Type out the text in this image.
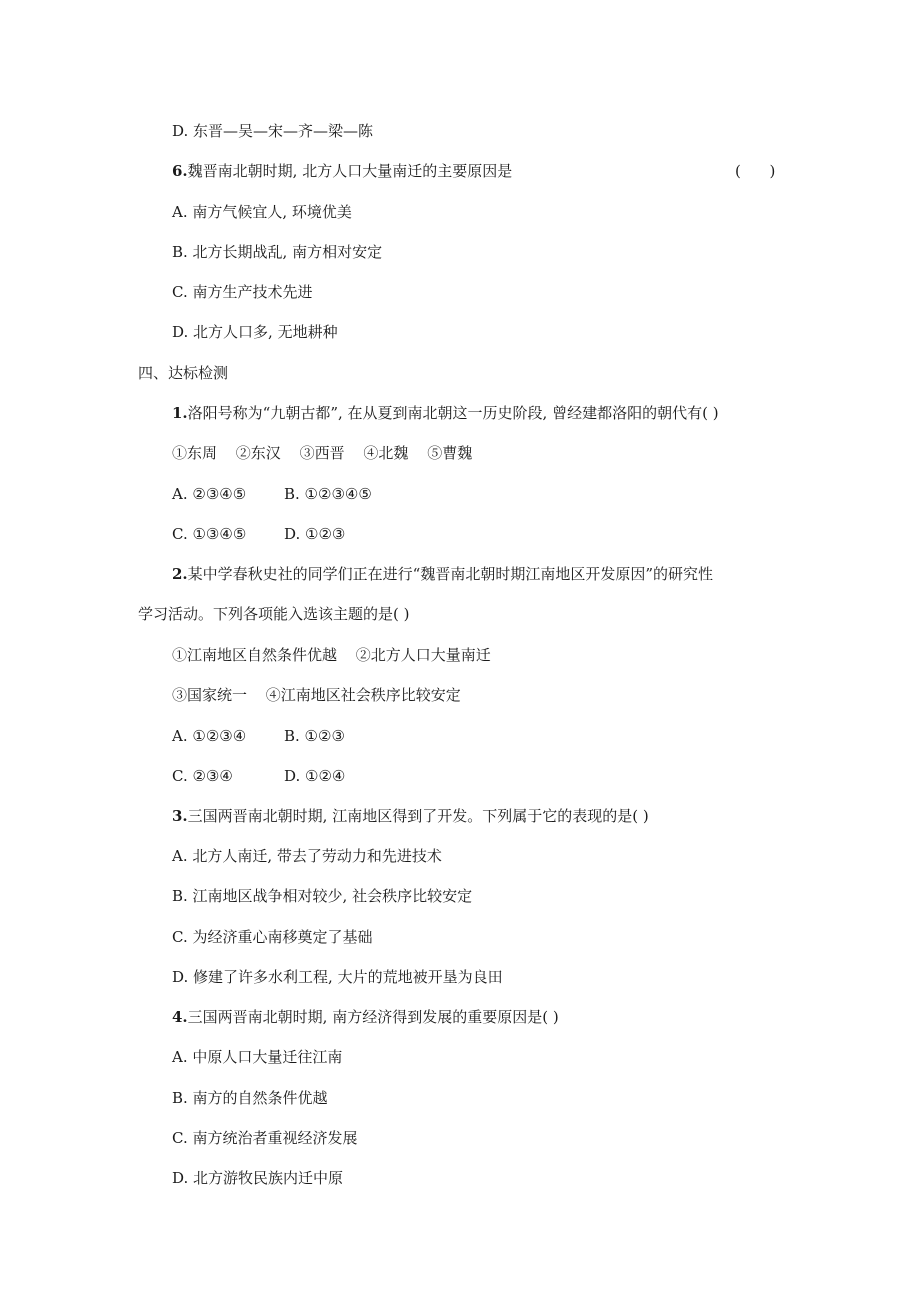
D. 东晋—吴—宋—齐—梁—陈
6.魏晋南北朝时期, 北方人口大量南迁的主要原因是	(      )
A. 南方气候宜人, 环境优美
B. 北方长期战乱, 南方相对安定
C. 南方生产技术先进
D. 北方人口多, 无地耕种
四、达标检测
1.洛阳号称为“九朝古都”, 在从夏到南北朝这一历史阶段, 曾经建都洛阳的朝代有( )
①东周 ②东汉 ③西晋 ④北魏 ⑤曹魏
A. ②③④⑤	B. ①②③④⑤
C. ①③④⑤	D. ①②③
2.某中学春秋史社的同学们正在进行“魏晋南北朝时期江南地区开发原因”的研究性
学习活动。下列各项能入选该主题的是( )
①江南地区自然条件优越 ②北方人口大量南迁
③国家统一 ④江南地区社会秩序比较安定
A. ①②③④	B. ①②③
C. ②③④	D. ①②④
3.三国两晋南北朝时期, 江南地区得到了开发。下列属于它的表现的是( )
A. 北方人南迁, 带去了劳动力和先进技术
B. 江南地区战争相对较少, 社会秩序比较安定
C. 为经济重心南移奠定了基础
D. 修建了许多水利工程, 大片的荒地被开垦为良田
4.三国两晋南北朝时期, 南方经济得到发展的重要原因是( )
A. 中原人口大量迁往江南
B. 南方的自然条件优越
C. 南方统治者重视经济发展
D. 北方游牧民族内迁中原
